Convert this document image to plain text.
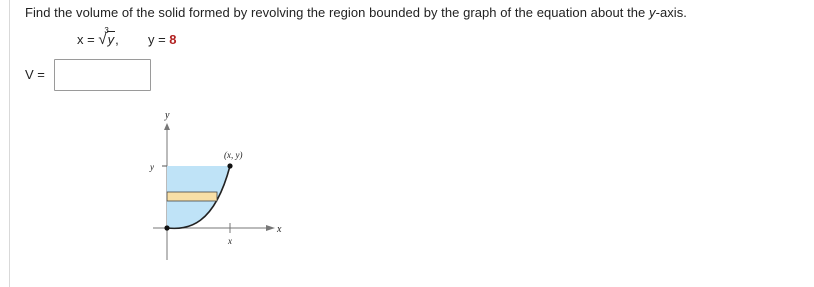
Find the volume of the solid formed by revolving the region bounded by the graph of the equation about the y-axis.
x =
3
√y, y = 8
V =
y
x
y
x
(x, y)
